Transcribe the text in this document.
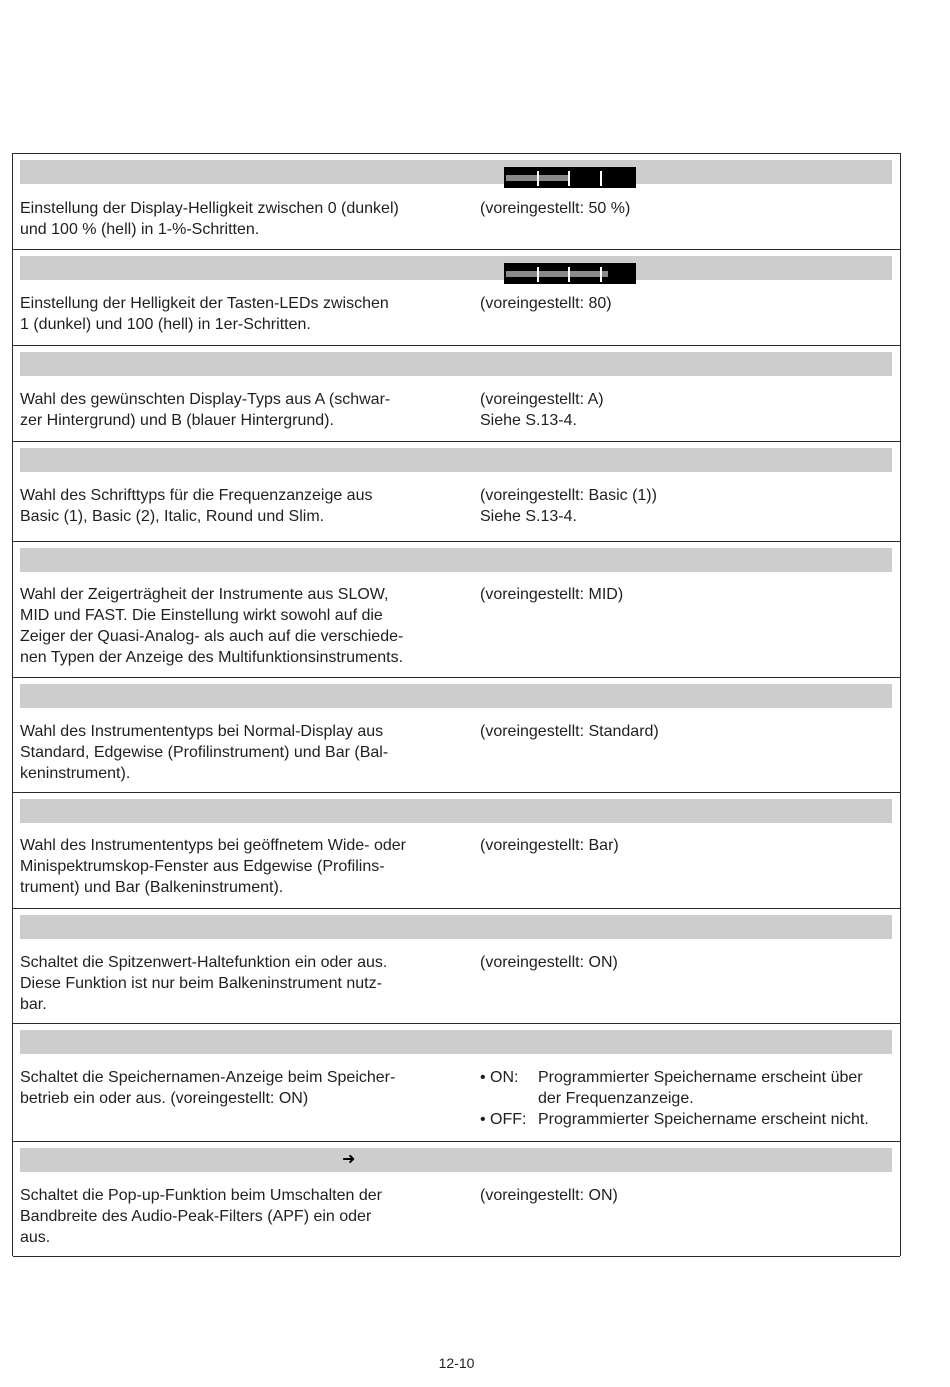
Einstellung der Display-Helligkeit zwischen 0 (dunkel)
und 100 % (hell) in 1-%-Schritten.
(voreingestellt: 50 %)
Einstellung der Helligkeit der Tasten-LEDs zwischen
1 (dunkel) und 100 (hell) in 1er-Schritten.
(voreingestellt: 80)
Wahl des gewünschten Display-Typs aus A (schwar-
zer Hintergrund) und B (blauer Hintergrund).
(voreingestellt: A)
Siehe S.13-4.
Wahl des Schrifttyps für die Frequenzanzeige aus
Basic (1), Basic (2), Italic, Round und Slim.
(voreingestellt: Basic (1))
Siehe S.13-4.
Wahl der Zeigerträgheit der Instrumente aus SLOW,
MID und FAST. Die Einstellung wirkt sowohl auf die
Zeiger der Quasi-Analog- als auch auf die verschiede-
nen Typen der Anzeige des Multifunktionsinstruments.
(voreingestellt: MID)
Wahl des Instrumententyps bei Normal-Display aus
Standard, Edgewise (Profilinstrument) und Bar (Bal-
keninstrument).
(voreingestellt: Standard)
Wahl des Instrumententyps bei geöffnetem Wide- oder
Minispektrumskop-Fenster aus Edgewise (Profilins-
trument) und Bar (Balkeninstrument).
(voreingestellt: Bar)
Schaltet die Spitzenwert-Haltefunktion ein oder aus.
Diese Funktion ist nur beim Balkeninstrument nutz-
bar.
(voreingestellt: ON)
Schaltet die Speichernamen-Anzeige beim Speicher-
betrieb ein oder aus. (voreingestellt: ON)
• ON: Programmierter Speichername erscheint über
der Frequenzanzeige.
• OFF: Programmierter Speichername erscheint nicht.
➜
Schaltet die Pop-up-Funktion beim Umschalten der
Bandbreite des Audio-Peak-Filters (APF) ein oder
aus.
(voreingestellt: ON)
12-10
